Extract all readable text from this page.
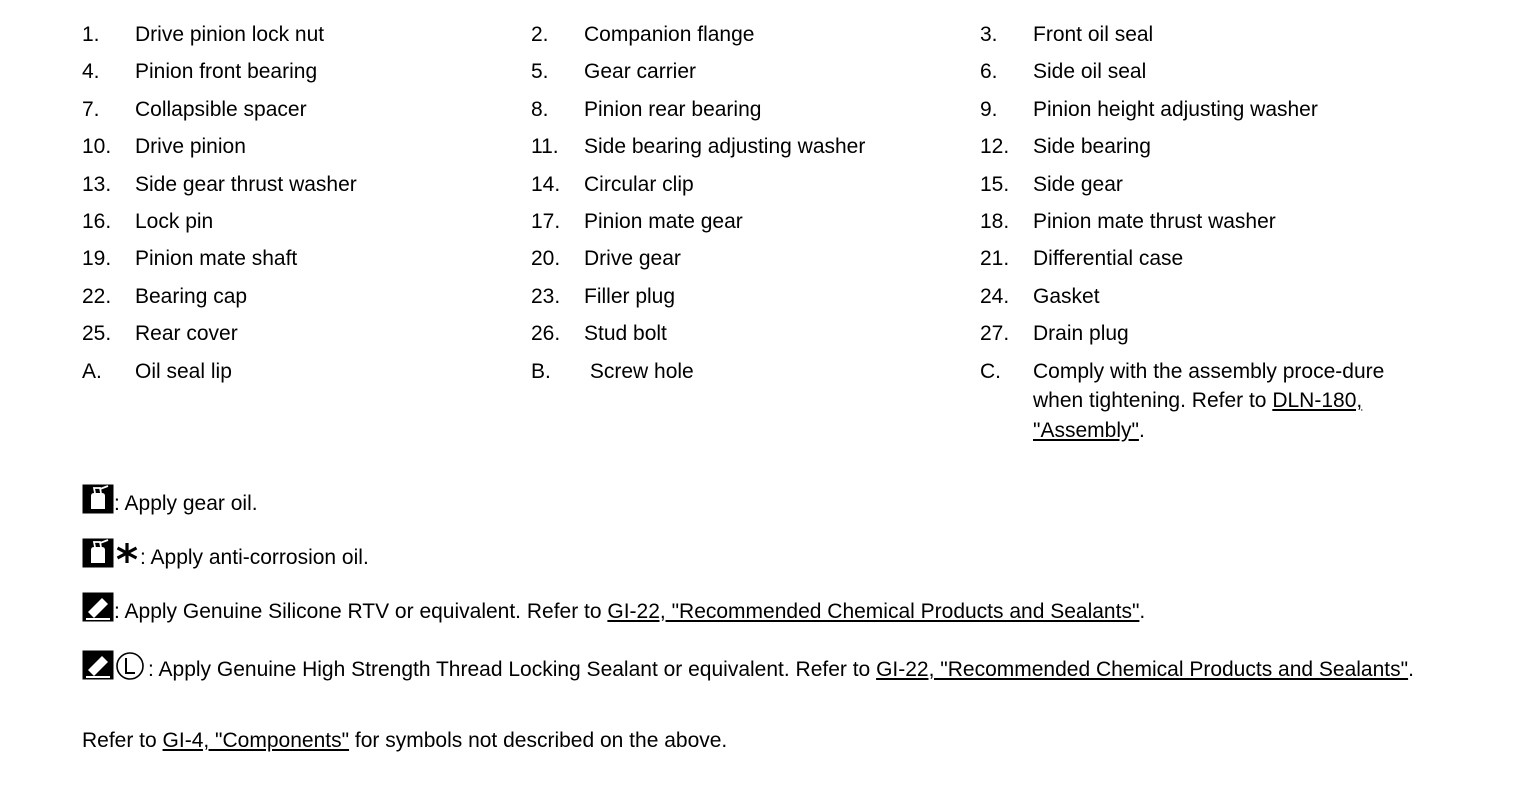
1. Drive pinion lock nut	2. Companion flange	3. Front oil seal
4. Pinion front bearing	5. Gear carrier	6. Side oil seal
7. Collapsible spacer	8. Pinion rear bearing	9. Pinion height adjusting washer
10. Drive pinion	11. Side bearing adjusting washer	12. Side bearing
13. Side gear thrust washer	14. Circular clip	15. Side gear
16. Lock pin	17. Pinion mate gear	18. Pinion mate thrust washer
19. Pinion mate shaft	20. Drive gear	21. Differential case
22. Bearing cap	23. Filler plug	24. Gasket
25. Rear cover	26. Stud bolt	27. Drain plug
A. Oil seal lip	B. Screw hole	C. Comply with the assembly proce-dure when tightening. Refer to DLN-180, "Assembly".
: Apply gear oil.
: Apply anti-corrosion oil.
: Apply Genuine Silicone RTV or equivalent. Refer to GI-22, "Recommended Chemical Products and Sealants".
: Apply Genuine High Strength Thread Locking Sealant or equivalent. Refer to GI-22, "Recommended Chemical Products and Sealants".
Refer to GI-4, "Components" for symbols not described on the above.
